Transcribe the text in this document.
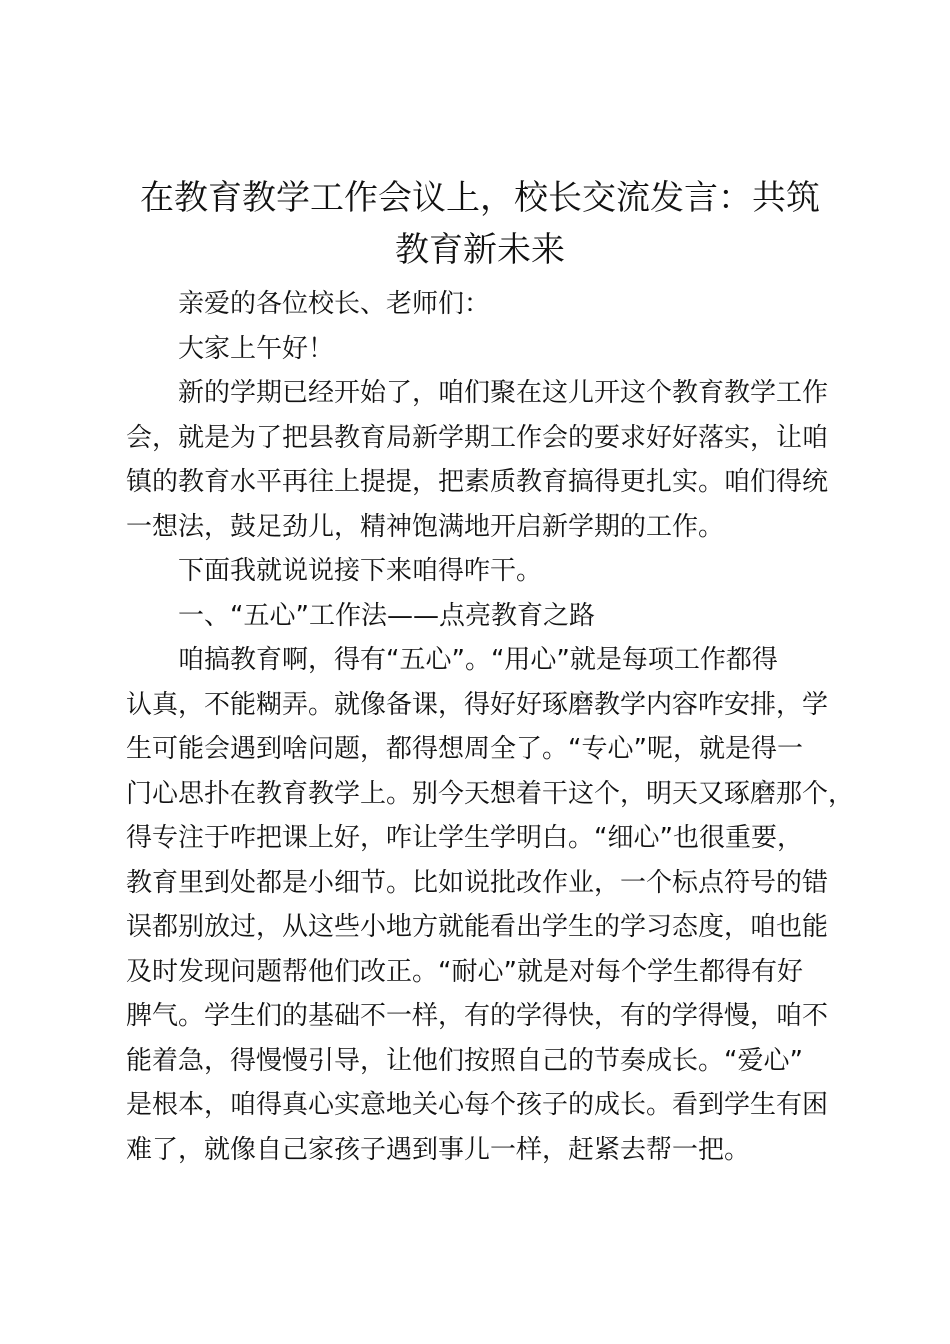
在教育教学工作会议上，校长交流发言：共筑
教育新未来

亲爱的各位校长、老师们：

大家上午好！

新的学期已经开始了，咱们聚在这儿开这个教育教学工作
会，就是为了把县教育局新学期工作会的要求好好落实，让咱
镇的教育水平再往上提提，把素质教育搞得更扎实。咱们得统
一想法，鼓足劲儿，精神饱满地开启新学期的工作。

下面我就说说接下来咱得咋干。

一、“五心”工作法——点亮教育之路

咱搞教育啊，得有“五心”。“用心”就是每项工作都得
认真，不能糊弄。就像备课，得好好琢磨教学内容咋安排，学
生可能会遇到啥问题，都得想周全了。“专心”呢，就是得一
门心思扑在教育教学上。别今天想着干这个，明天又琢磨那个，
得专注于咋把课上好，咋让学生学明白。“细心”也很重要，
教育里到处都是小细节。比如说批改作业，一个标点符号的错
误都别放过，从这些小地方就能看出学生的学习态度，咱也能
及时发现问题帮他们改正。“耐心”就是对每个学生都得有好
脾气。学生们的基础不一样，有的学得快，有的学得慢，咱不
能着急，得慢慢引导，让他们按照自己的节奏成长。“爱心”
是根本，咱得真心实意地关心每个孩子的成长。看到学生有困
难了，就像自己家孩子遇到事儿一样，赶紧去帮一把。
